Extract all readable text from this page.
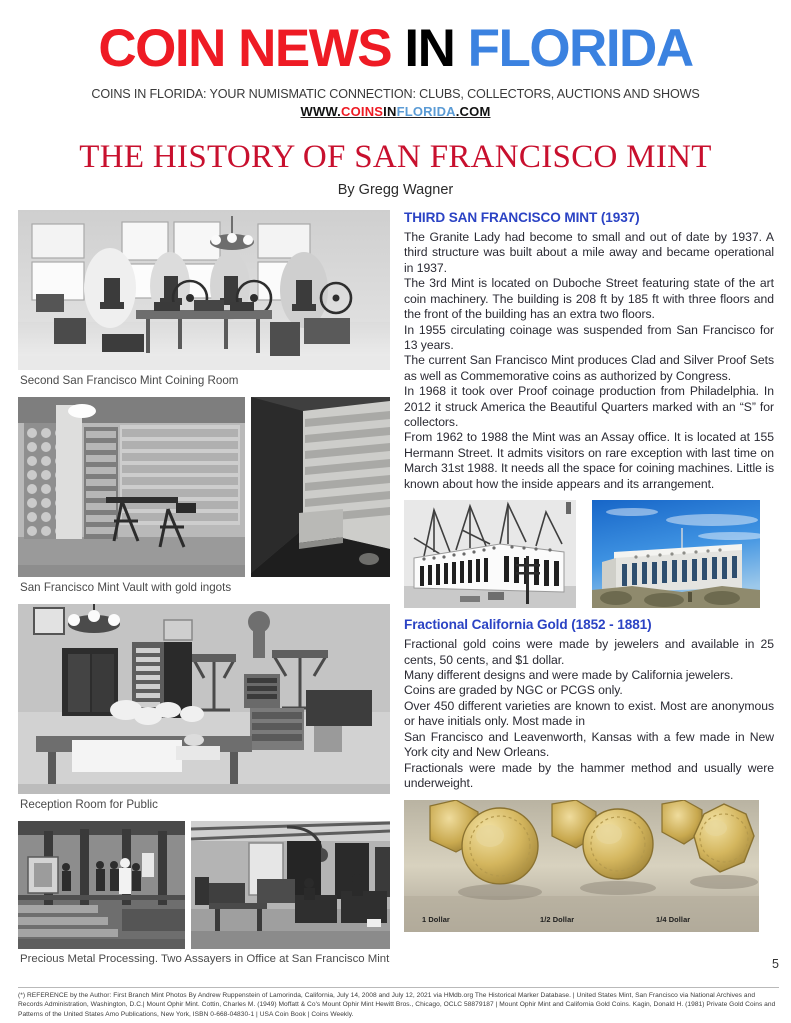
COIN NEWS IN FLORIDA
COINS IN FLORIDA: YOUR NUMISMATIC CONNECTION: CLUBS, COLLECTORS, AUCTIONS AND SHOWS
WWW.COINSINFLORIDA.COM
THE HISTORY OF SAN FRANCISCO MINT
By Gregg Wagner
Second San Francisco Mint Coining Room
San Francisco Mint Vault with gold ingots
Reception Room for Public
Precious Metal Processing. Two Assayers in Office at San Francisco Mint
THIRD SAN FRANCISCO MINT (1937)

The Granite Lady had become to small and out of date by 1937. A third structure was built about a mile away and became operational in 1937.

The 3rd Mint is located on Duboche Street featuring state of the art coin machinery. The building is 208 ft by 185 ft with three floors and the front of the building has an extra two floors.

In 1955 circulating coinage was suspended from San Francisco for 13 years.

The current San Francisco Mint produces Clad and Silver Proof Sets as well as Commemorative coins as authorized by Congress.

In 1968 it took over Proof coinage production from Philadelphia. In 2012 it struck America the Beautiful Quarters marked with an “S” for collectors.

From 1962 to 1988 the Mint was an Assay office. It is located at 155 Hermann Street. It admits visitors on rare exception with last time on March 31st 1988. It needs all the space for coining machines. Little is known about how the inside appears and its arrangement.

Fractional California Gold (1852 - 1881)

Fractional gold coins were made by jewelers and available in 25 cents, 50 cents, and $1 dollar.

Many different designs and were made by California jewelers.

Coins are graded by NGC or PCGS only.

Over 450 different varieties are known to exist. Most are anonymous or have initials only. Most made in

San Francisco and Leavenworth, Kansas with a few made in New York city and New Orleans.

Fractionals were made by the hammer method and usually were underweight.

1 Dollar	1/2 Dollar	1/4 Dollar
5
(*) REFERENCE by the Author: First Branch Mint Photos By Andrew Ruppenstein of Lamorinda, California, July 14, 2008 and July 12, 2021 via HMdb.org The Historical Marker Database. | United States Mint, San Francisco via National Archives and Records Administration, Washington, D.C.| Mount Ophir Mint. Cottin, Charles M. (1949) Moffatt & Co's Mount Ophir Mint Hewitt Bros., Chicago, OCLC 58879187 | Mount Ophir Mint and California Gold Coins. Kagin, Donald H. (1981) Private Gold Coins and Patterns of the United States Amo Publications, New York, ISBN 0-668-04830-1 | USA Coin Book | Coins Weekly.
